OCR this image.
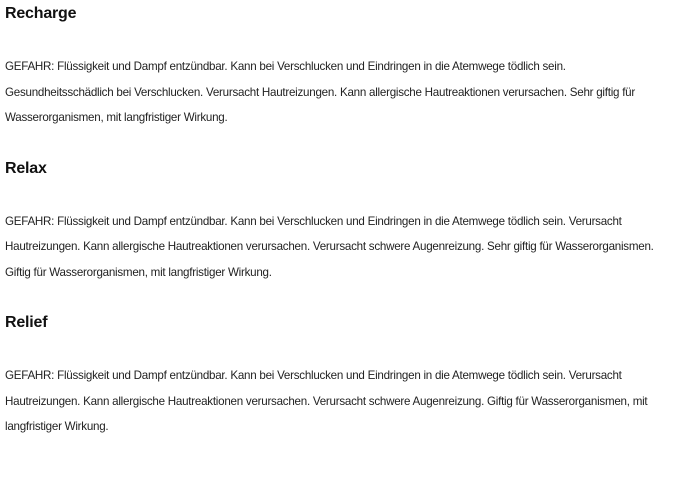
Recharge

GEFAHR: Flüssigkeit und Dampf entzündbar. Kann bei Verschlucken und Eindringen in die Atemwege tödlich sein. Gesundheitsschädlich bei Verschlucken. Verursacht Hautreizungen. Kann allergische Hautreaktionen verursachen. Sehr giftig für Wasserorganismen, mit langfristiger Wirkung.

Relax

GEFAHR: Flüssigkeit und Dampf entzündbar. Kann bei Verschlucken und Eindringen in die Atemwege tödlich sein. Verursacht Hautreizungen. Kann allergische Hautreaktionen verursachen. Verursacht schwere Augenreizung. Sehr giftig für Wasserorganismen. Giftig für Wasserorganismen, mit langfristiger Wirkung.

Relief

GEFAHR: Flüssigkeit und Dampf entzündbar. Kann bei Verschlucken und Eindringen in die Atemwege tödlich sein. Verursacht Hautreizungen. Kann allergische Hautreaktionen verursachen. Verursacht schwere Augenreizung. Giftig für Wasserorganismen, mit langfristiger Wirkung.
